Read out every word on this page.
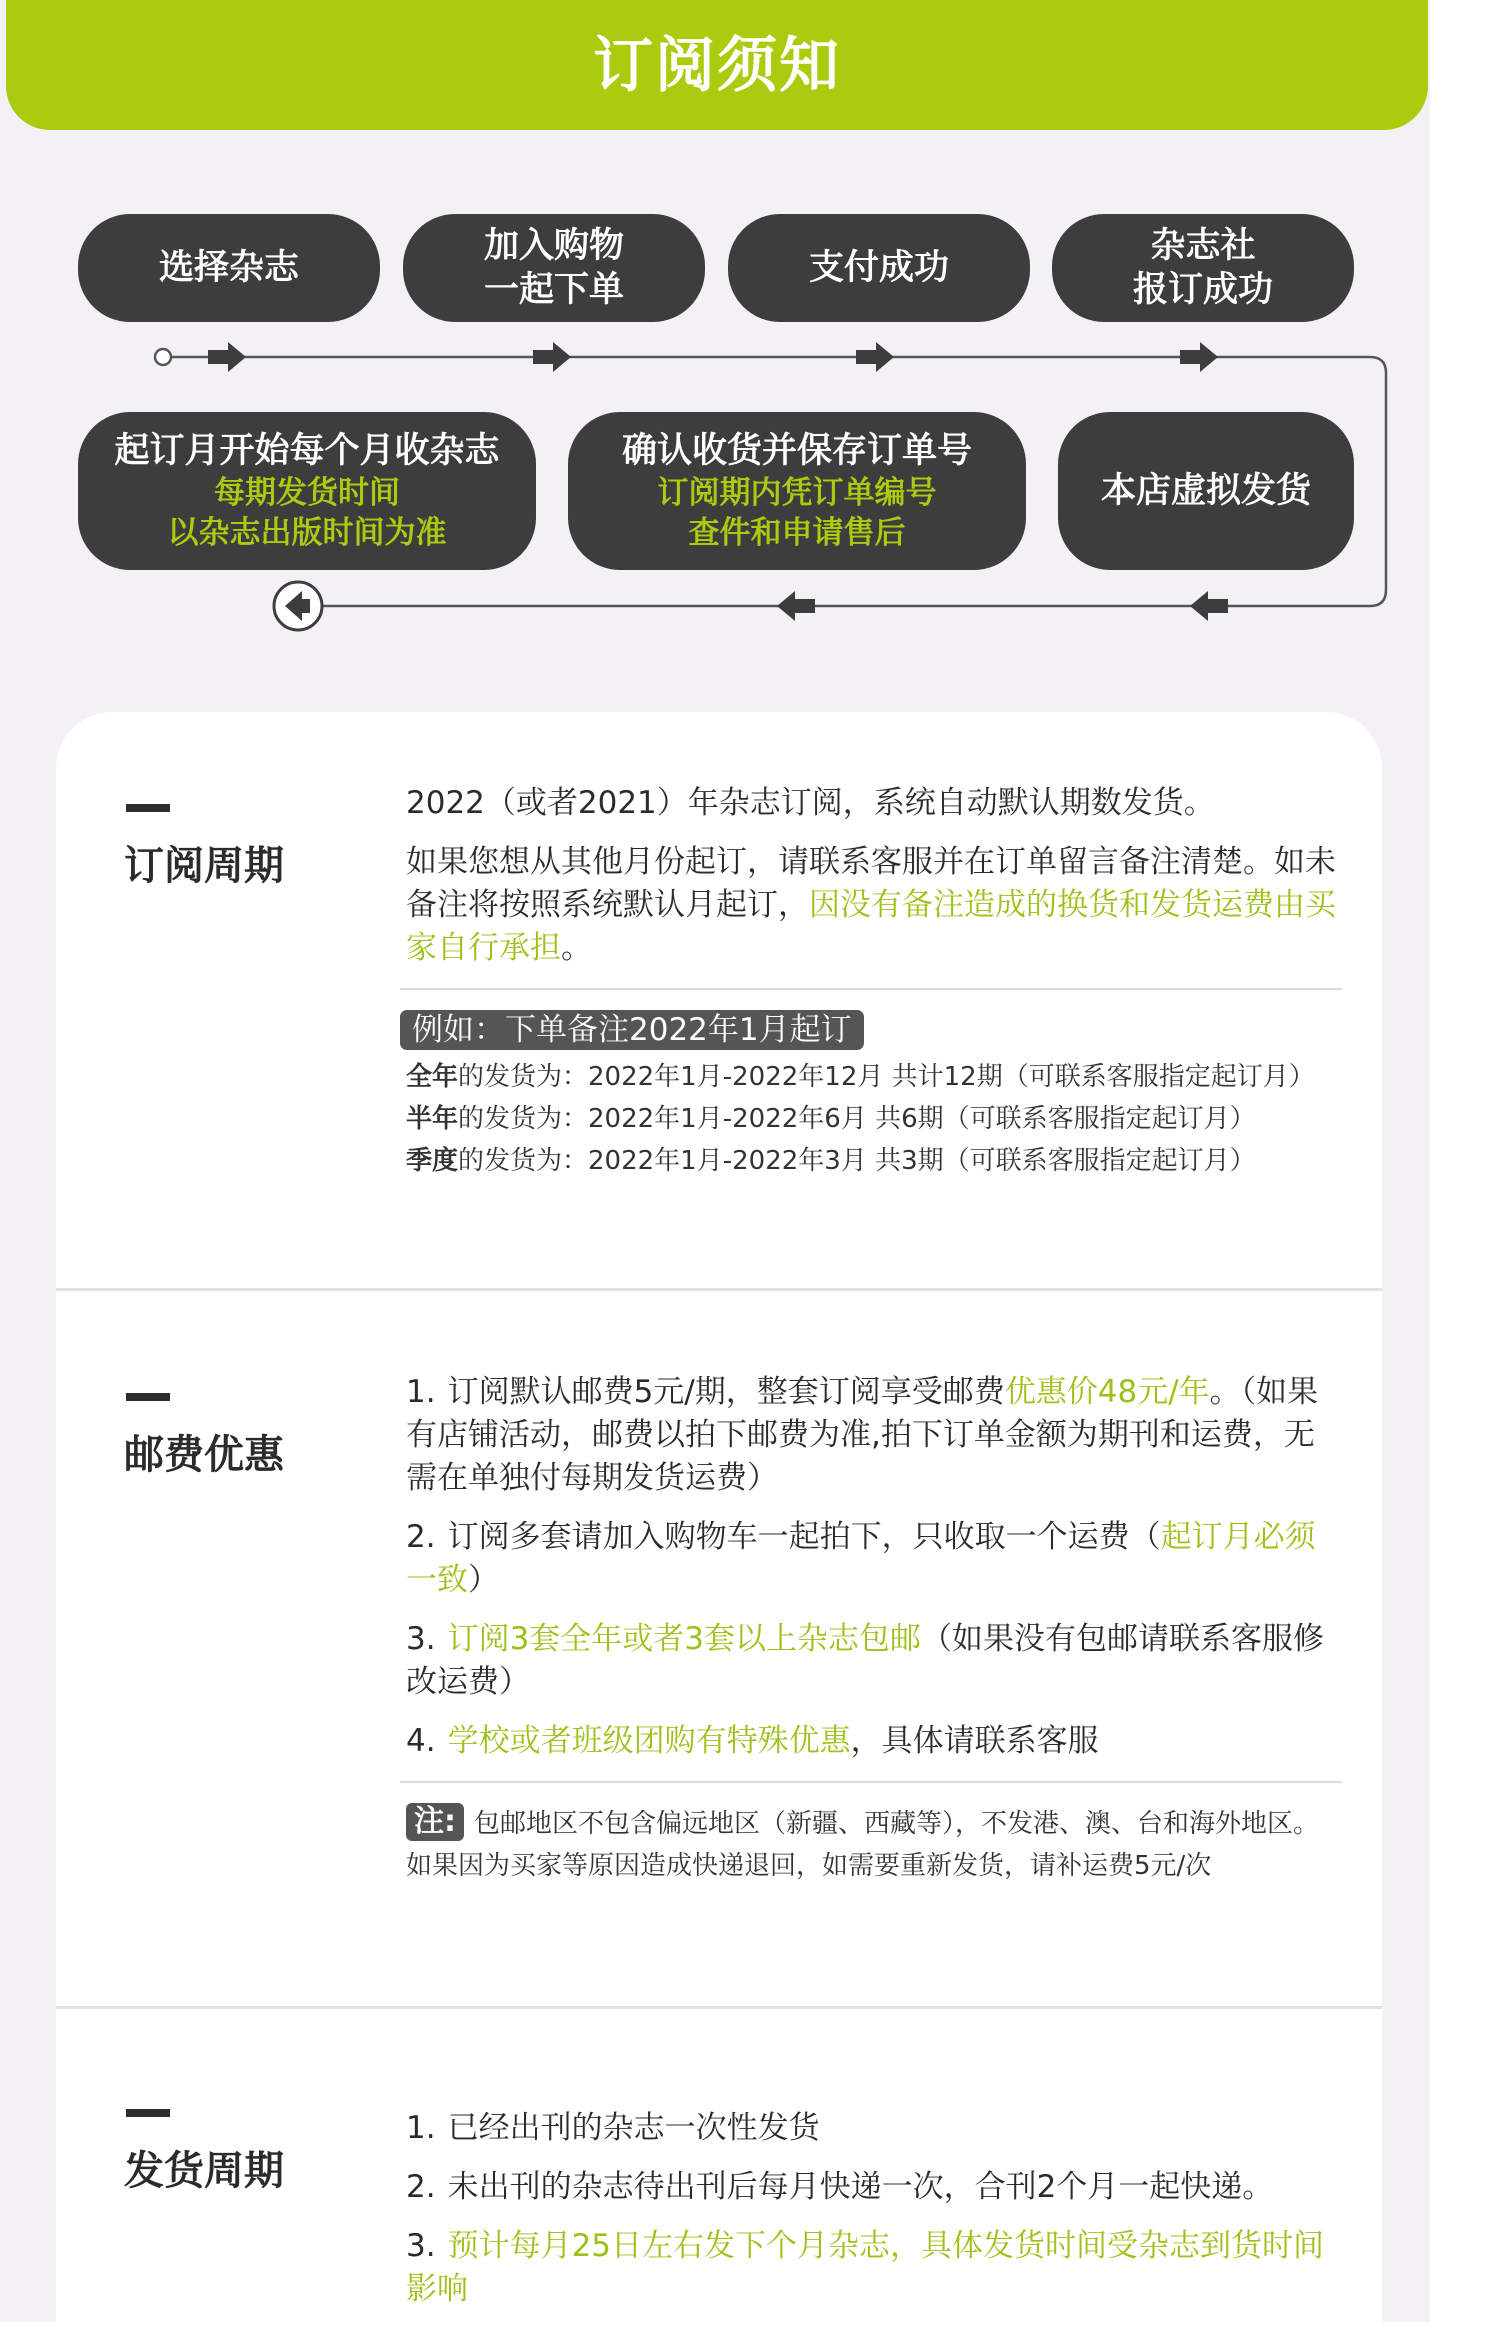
订阅须知
选择杂志
加入购物
一起下单
支付成功
杂志社
报订成功
起订月开始每个月收杂志
每期发货时间
以杂志出版时间为准
确认收货并保存订单号
订阅期内凭订单编号
查件和申请售后
本店虚拟发货
订阅周期

2022（或者2021）年杂志订阅，系统自动默认期数发货。

如果您想从其他月份起订，请联系客服并在订单留言备注清楚。如未备注将按照系统默认月起订，因没有备注造成的换货和发货运费由买家自行承担。

例如：下单备注2022年1月起订
全年的发货为：2022年1月-2022年12月 共计12期（可联系客服指定起订月）
半年的发货为：2022年1月-2022年6月 共6期（可联系客服指定起订月）
季度的发货为：2022年1月-2022年3月 共3期（可联系客服指定起订月）
邮费优惠

1. 订阅默认邮费5元/期，整套订阅享受邮费优惠价48元/年。（如果有店铺活动，邮费以拍下邮费为准,拍下订单金额为期刊和运费，无需在单独付每期发货运费）

2. 订阅多套请加入购物车一起拍下，只收取一个运费（起订月必须一致）

3. 订阅3套全年或者3套以上杂志包邮（如果没有包邮请联系客服修改运费）

4. 学校或者班级团购有特殊优惠，具体请联系客服

注: 包邮地区不包含偏远地区（新疆、西藏等），不发港、澳、台和海外地区。
如果因为买家等原因造成快递退回，如需要重新发货，请补运费5元/次
发货周期

1. 已经出刊的杂志一次性发货

2. 未出刊的杂志待出刊后每月快递一次，合刊2个月一起快递。

3. 预计每月25日左右发下个月杂志，具体发货时间受杂志到货时间影响
